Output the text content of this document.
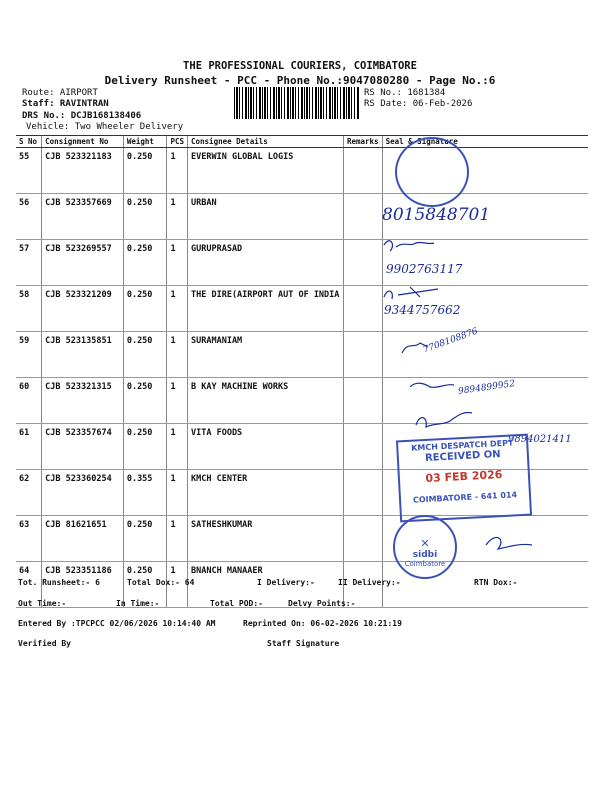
THE PROFESSIONAL COURIERS, COIMBATORE
Delivery Runsheet - PCC - Phone No.:9047080280 - Page No.:6
Route: AIRPORT
Staff: RAVINTRAN
DRS No.: DCJB168138406
Vehicle: Two Wheeler Delivery
RS No.: 1681384
RS Date: 06-Feb-2026
S No	Consignment No	Weight	PCS	Consignee Details	Remarks	Seal & Signature
55	CJB 523321183	0.250	1	EVERWIN GLOBAL LOGIS		
56	CJB 523357669	0.250	1	URBAN		
57	CJB 523269557	0.250	1	GURUPRASAD		
58	CJB 523321209	0.250	1	THE DIRE(AIRPORT AUT OF INDIA		
59	CJB 523135851	0.250	1	SURAMANIAM		
60	CJB 523321315	0.250	1	B KAY MACHINE WORKS		
61	CJB 523357674	0.250	1	VITA FOODS		
62	CJB 523360254	0.355	1	KMCH CENTER		
63	CJB 81621651	0.250	1	SATHESHKUMAR		
64	CJB 523351186	0.250	1	BNANCH MANAAER		
8015848701
9902763117
9344757662
7708108876
9894899952
9894021411
KMCH DESPATCH DEPT
RECEIVED ON
03 FEB 2026
COIMBATORE - 641 014
✕
sidbi
Coimbatore
Tot. Runsheet:- 6	Total Dox:- 64	I Delivery:-	II Delivery:-	RTN Dox:-
Out Time:-	In Time:-	Total POD:-	Delvy Points:-
Entered By :TPCPCC 02/06/2026 10:14:40 AM	Reprinted On: 06-02-2026 10:21:19
Verified By	Staff Signature
